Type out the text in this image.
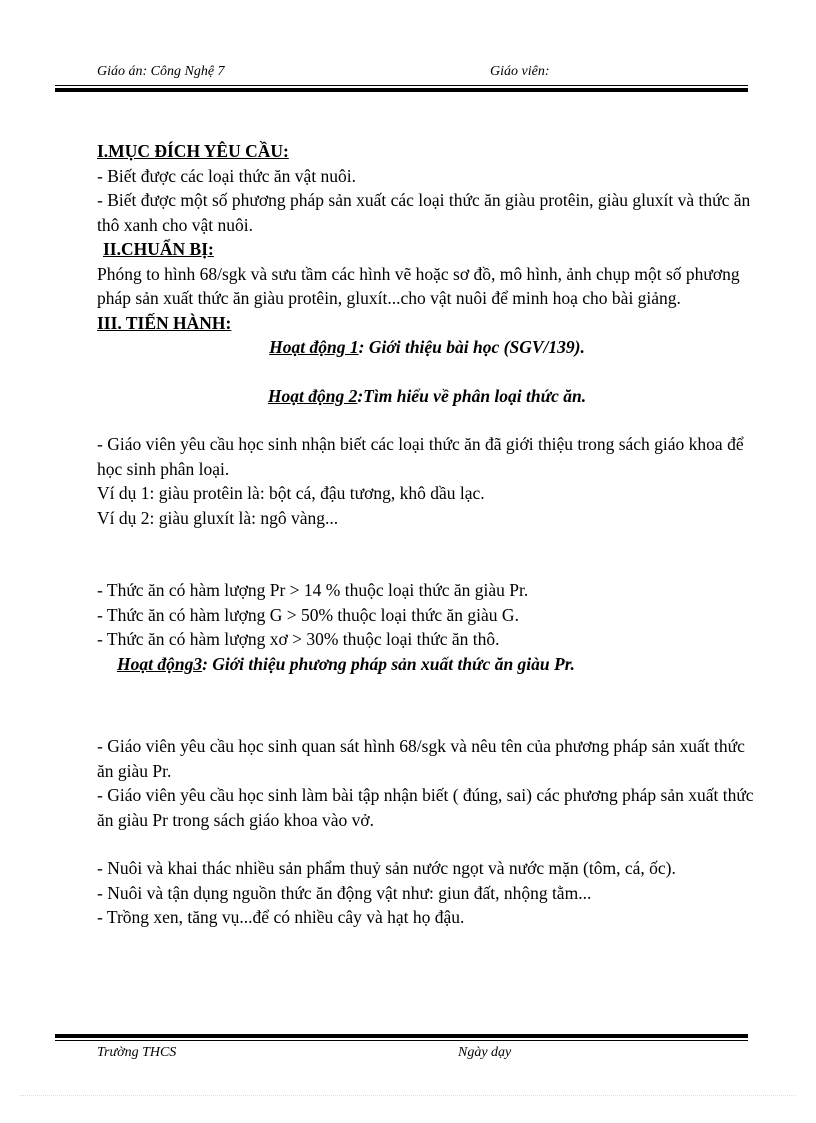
Giáo án: Công Nghệ 7	Giáo viên:

I.MỤC ĐÍCH YÊU CẦU:

- Biết được các loại thức ăn vật nuôi.

- Biết được một số phương pháp sản xuất các loại thức ăn giàu protêin, giàu gluxít và thức ăn thô xanh cho vật nuôi.

II.CHUẨN BỊ:

Phóng to hình 68/sgk và sưu tầm các hình vẽ hoặc sơ đồ, mô hình, ảnh chụp một số phương pháp sản xuất thức ăn giàu protêin, gluxít...cho vật nuôi để minh hoạ cho bài giảng.

III. TIẾN HÀNH:

Hoạt động 1: Giới thiệu bài học (SGV/139).

Hoạt động 2:Tìm hiểu về phân loại thức ăn.

- Giáo viên yêu cầu học sinh nhận biết các loại thức ăn đã giới thiệu trong sách giáo khoa để học sinh phân loại.

Ví dụ 1: giàu protêin là: bột cá, đậu tương, khô dầu lạc.

Ví dụ 2: giàu gluxít là: ngô vàng...

- Thức ăn có hàm lượng Pr > 14 % thuộc loại thức ăn giàu Pr.

- Thức ăn có hàm lượng G > 50% thuộc loại thức ăn giàu G.

- Thức ăn có hàm lượng xơ > 30% thuộc loại thức ăn thô.

Hoạt động3: Giới thiệu phương pháp sản xuất thức ăn giàu Pr.

- Giáo viên yêu cầu học sinh quan sát hình 68/sgk và nêu tên của phương pháp sản xuất thức ăn giàu Pr.

- Giáo viên yêu cầu học sinh làm bài tập nhận biết ( đúng, sai) các phương pháp sản xuất thức ăn giàu Pr trong sách giáo khoa vào vở.

- Nuôi và khai thác nhiều sản phẩm thuỷ sản nước ngọt và nước mặn (tôm, cá, ốc).

- Nuôi và tận dụng nguồn thức ăn động vật như: giun đất, nhộng tằm...

- Trồng xen, tăng vụ...để có nhiều cây và hạt họ đậu.

Trường THCS	Ngày dạy
